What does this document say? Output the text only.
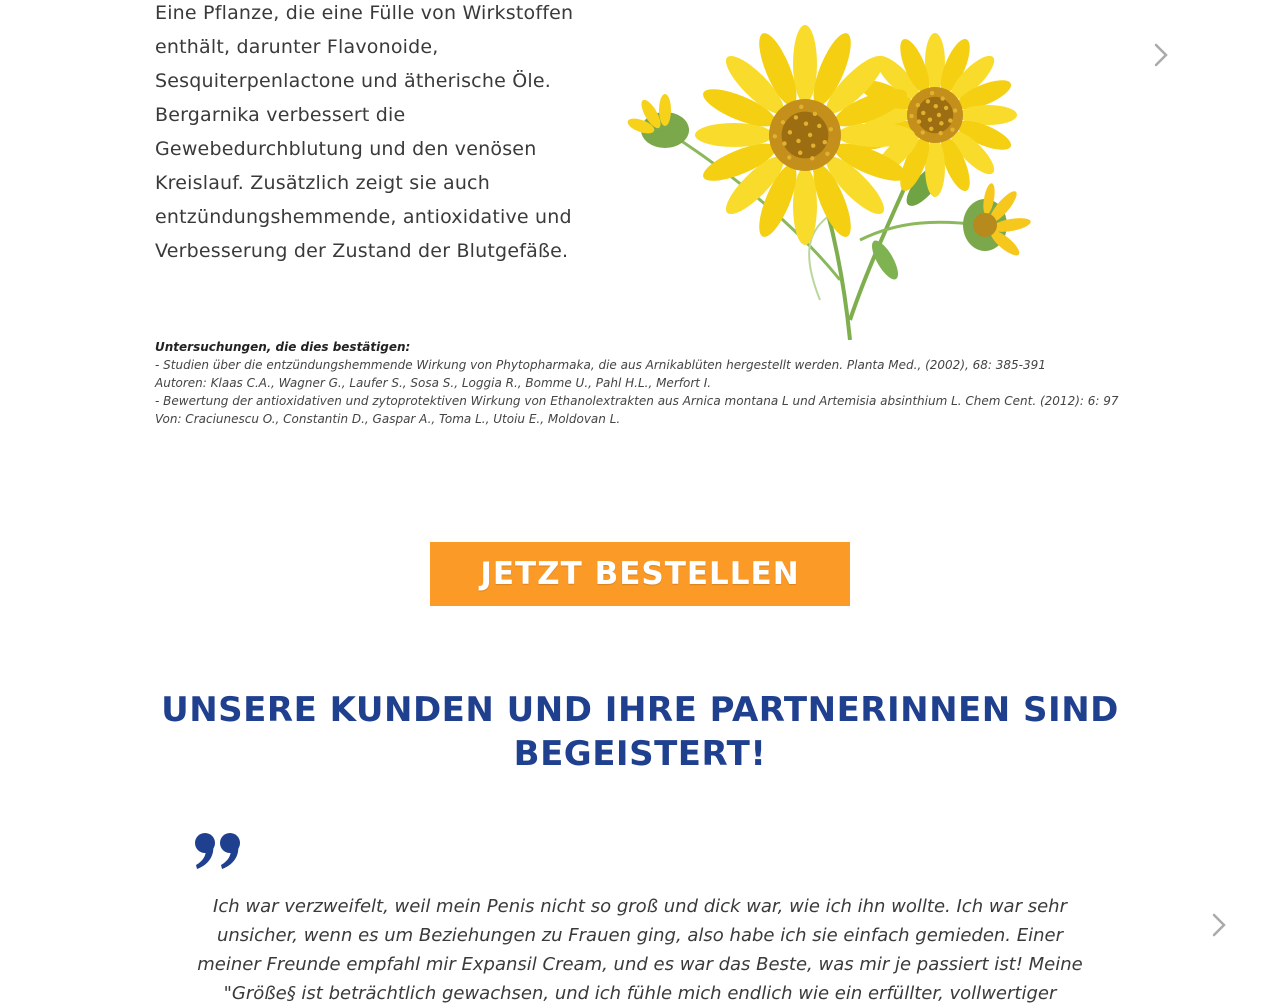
Eine Pflanze, die eine Fülle von Wirkstoffen enthält, darunter Flavonoide, Sesquiterpenlactone und ätherische Öle. Bergarnika verbessert die Gewebedurchblutung und den venösen Kreislauf. Zusätzlich zeigt sie auch entzündungshemmende, antioxidative und Verbesserung der Zustand der Blutgefäße.

Untersuchungen, die dies bestätigen:
- Studien über die entzündungshemmende Wirkung von Phytopharmaka, die aus Arnikablüten hergestellt werden. Planta Med., (2002), 68: 385-391
Autoren: Klaas C.A., Wagner G., Laufer S., Sosa S., Loggia R., Bomme U., Pahl H.L., Merfort I.
- Bewertung der antioxidativen und zytoprotektiven Wirkung von Ethanolextrakten aus Arnica montana L und Artemisia absinthium L. Chem Cent. (2012): 6: 97
Von: Craciunescu O., Constantin D., Gaspar A., Toma L., Utoiu E., Moldovan L.
JETZT BESTELLEN
UNSERE KUNDEN UND IHRE PARTNERINNEN SIND BEGEISTERT!

Ich war verzweifelt, weil mein Penis nicht so groß und dick war, wie ich ihn wollte. Ich war sehr unsicher, wenn es um Beziehungen zu Frauen ging, also habe ich sie einfach gemieden. Einer meiner Freunde empfahl mir Expansil Cream, und es war das Beste, was mir je passiert ist! Meine "Größe§ ist beträchtlich gewachsen, und ich fühle mich endlich wie ein erfüllter, vollwertiger
